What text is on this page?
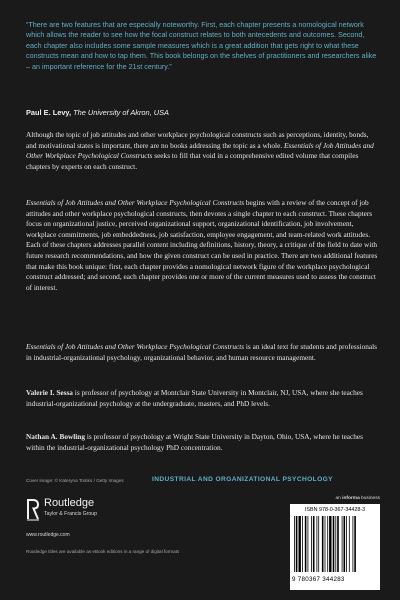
“There are two features that are especially noteworthy. First, each chapter presents a nomological network which allows the reader to see how the focal construct relates to both antecedents and outcomes. Second, each chapter also includes some sample measures which is a great addition that gets right to what these constructs mean and how to tap them. This book belongs on the shelves of practitioners and researchers alike – an important reference for the 21st century.”
Paul E. Levy, The University of Akron, USA
Although the topic of job attitudes and other workplace psychological constructs such as perceptions, identity, bonds, and motivational states is important, there are no books addressing the topic as a whole. Essentials of Job Attitudes and Other Workplace Psychological Constructs seeks to fill that void in a comprehensive edited volume that compiles chapters by experts on each construct.
Essentials of Job Attitudes and Other Workplace Psychological Constructs begins with a review of the concept of job attitudes and other workplace psychological constructs, then devotes a single chapter to each construct. These chapters focus on organizational justice, perceived organizational support, organizational identification, job involvement, workplace commitments, job embeddedness, job satisfaction, employee engagement, and team-related work attitudes. Each of these chapters addresses parallel content including definitions, history, theory, a critique of the field to date with future research recommendations, and how the given construct can be used in practice. There are two additional features that make this book unique: first, each chapter provides a nomological network figure of the workplace psychological construct addressed; and second, each chapter provides one or more of the current measures used to assess the construct of interest.
Essentials of Job Attitudes and Other Workplace Psychological Constructs is an ideal text for students and professionals in industrial-organizational psychology, organizational behavior, and human resource management.
Valerie I. Sessa is professor of psychology at Montclair State University in Montclair, NJ, USA, where she teaches industrial-organizational psychology at the undergraduate, masters, and PhD levels.
Nathan A. Bowling is professor of psychology at Wright State University in Dayton, Ohio, USA, where he teaches within the industrial-organizational psychology PhD concentration.
Cover image: © Kateryna Tomko / Getty Images	INDUSTRIAL AND ORGANIZATIONAL PSYCHOLOGY
Routledge
Taylor & Francis Group
www.routledge.com
Routledge titles are available as eBook editions in a range of digital formats
an informa business
ISBN 978-0-367-34428-3
9 780367 344283
